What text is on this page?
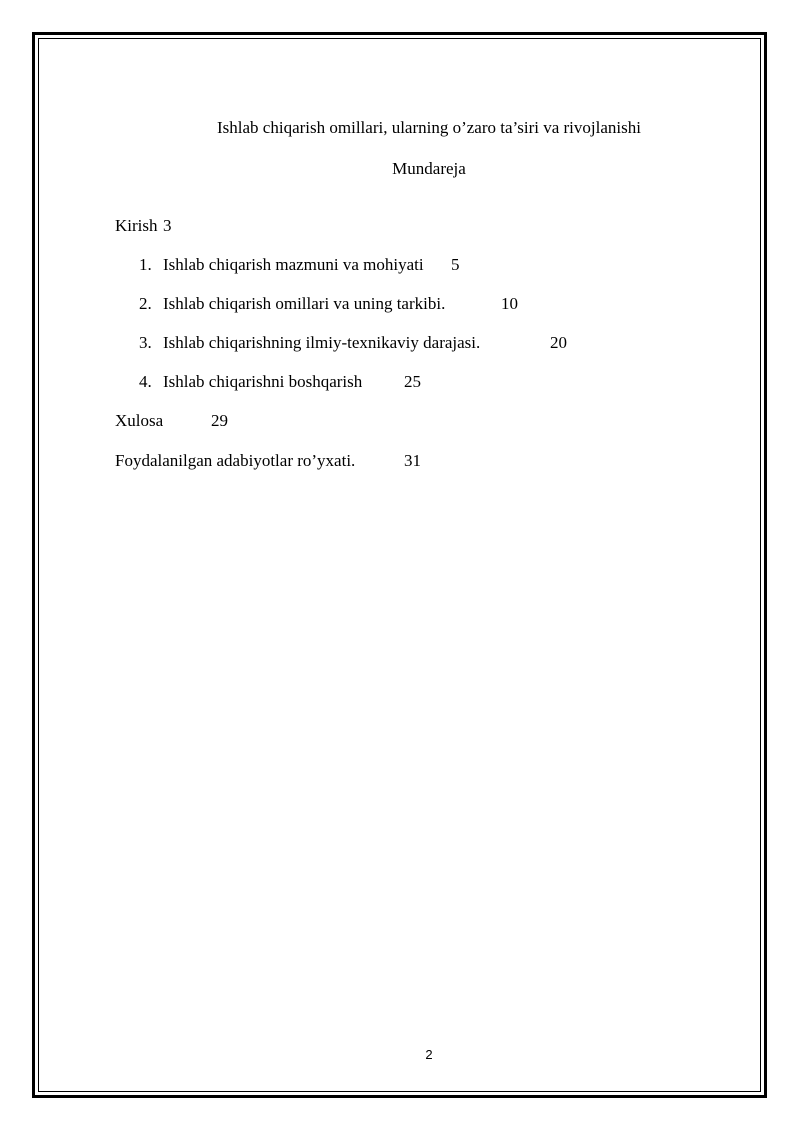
Ishlab chiqarish omillari, ularning o’zaro ta’siri va rivojlanishi
Mundareja
Kirish 3
1. Ishlab chiqarish mazmuni va mohiyati 5
2. Ishlab chiqarish omillari va uning tarkibi.	10
3. Ishlab chiqarishning ilmiy-texnikaviy darajasi.	20
4. Ishlab chiqarishni boshqarish 25
Xulosa	29
Foydalanilgan adabiyotlar ro’yxati.	31
2
